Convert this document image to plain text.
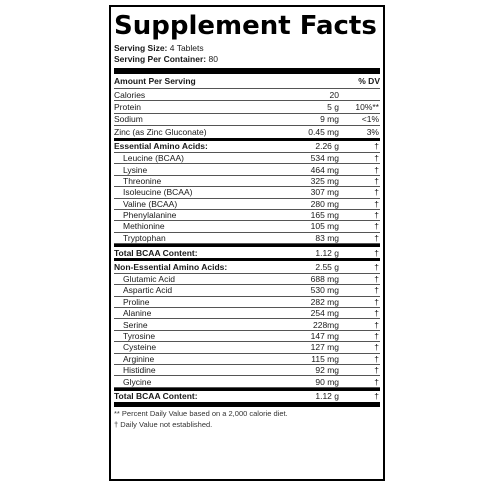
Supplement Facts
Serving Size: 4 Tablets
Serving Per Container: 80
Amount Per Serving	% DV
Calories	20
Protein	5 g	10%**
Sodium	9 mg	<1%
Zinc (as Zinc Gluconate)	0.45 mg	3%
Essential Amino Acids:	2.26 g	†
Leucine (BCAA)	534 mg	†
Lysine	464 mg	†
Threonine	325 mg	†
Isoleucine (BCAA)	307 mg	†
Valine (BCAA)	280 mg	†
Phenylalanine	165 mg	†
Methionine	105 mg	†
Tryptophan	83 mg	†
Total BCAA Content:	1.12 g	†
Non-Essential Amino Acids:	2.55 g	†
Glutamic Acid	688 mg	†
Aspartic Acid	530 mg	†
Proline	282 mg	†
Alanine	254 mg	†
Serine	228mg	†
Tyrosine	147 mg	†
Cysteine	127 mg	†
Arginine	115 mg	†
Histidine	92 mg	†
Glycine	90 mg	†
Total BCAA Content:	1.12 g	†
** Percent Daily Value based on a 2,000 calorie diet.
† Daily Value not established.
